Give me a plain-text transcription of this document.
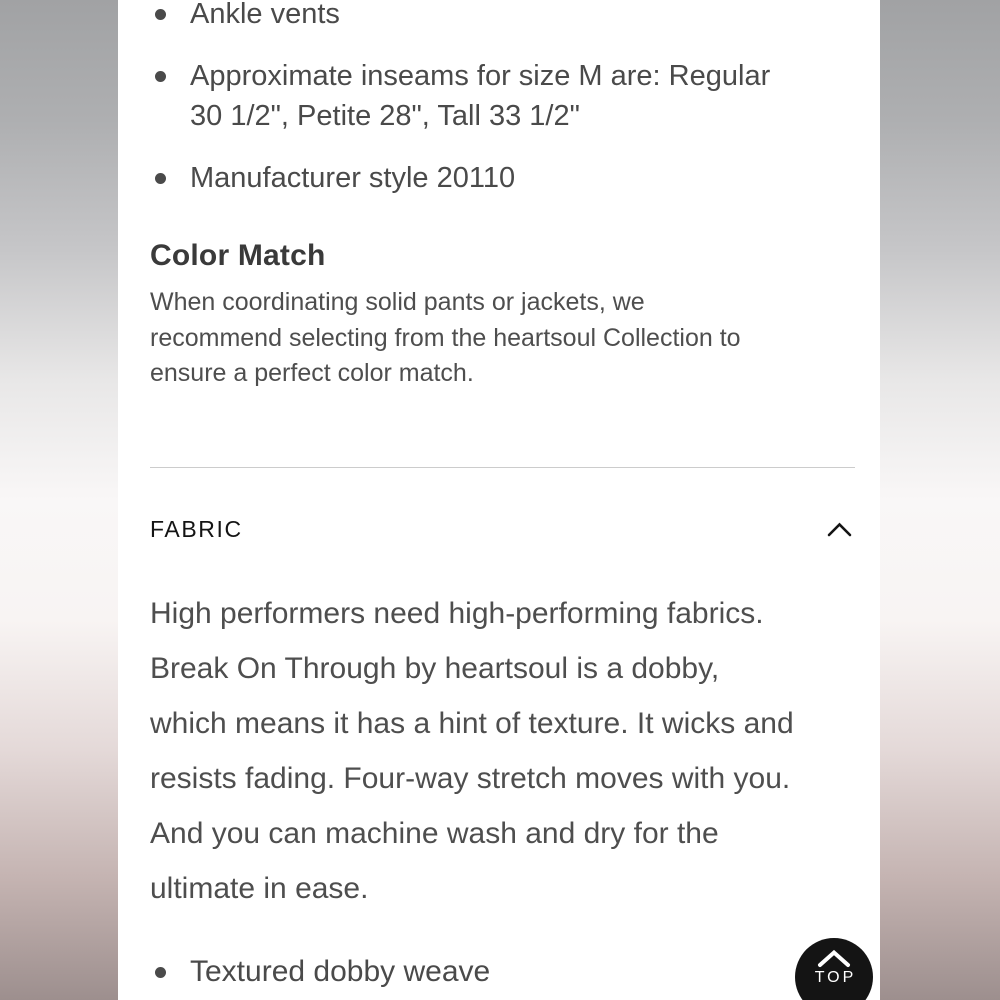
Ankle vents
Approximate inseams for size M are: Regular
30 1/2", Petite 28", Tall 33 1/2"
Manufacturer style 20110
Color Match
When coordinating solid pants or jackets, we
recommend selecting from the heartsoul Collection to
ensure a perfect color match.
FABRIC
High performers need high-performing fabrics.
Break On Through by heartsoul is a dobby,
which means it has a hint of texture. It wicks and
resists fading. Four-way stretch moves with you.
And you can machine wash and dry for the
ultimate in ease.
Textured dobby weave	TOP
